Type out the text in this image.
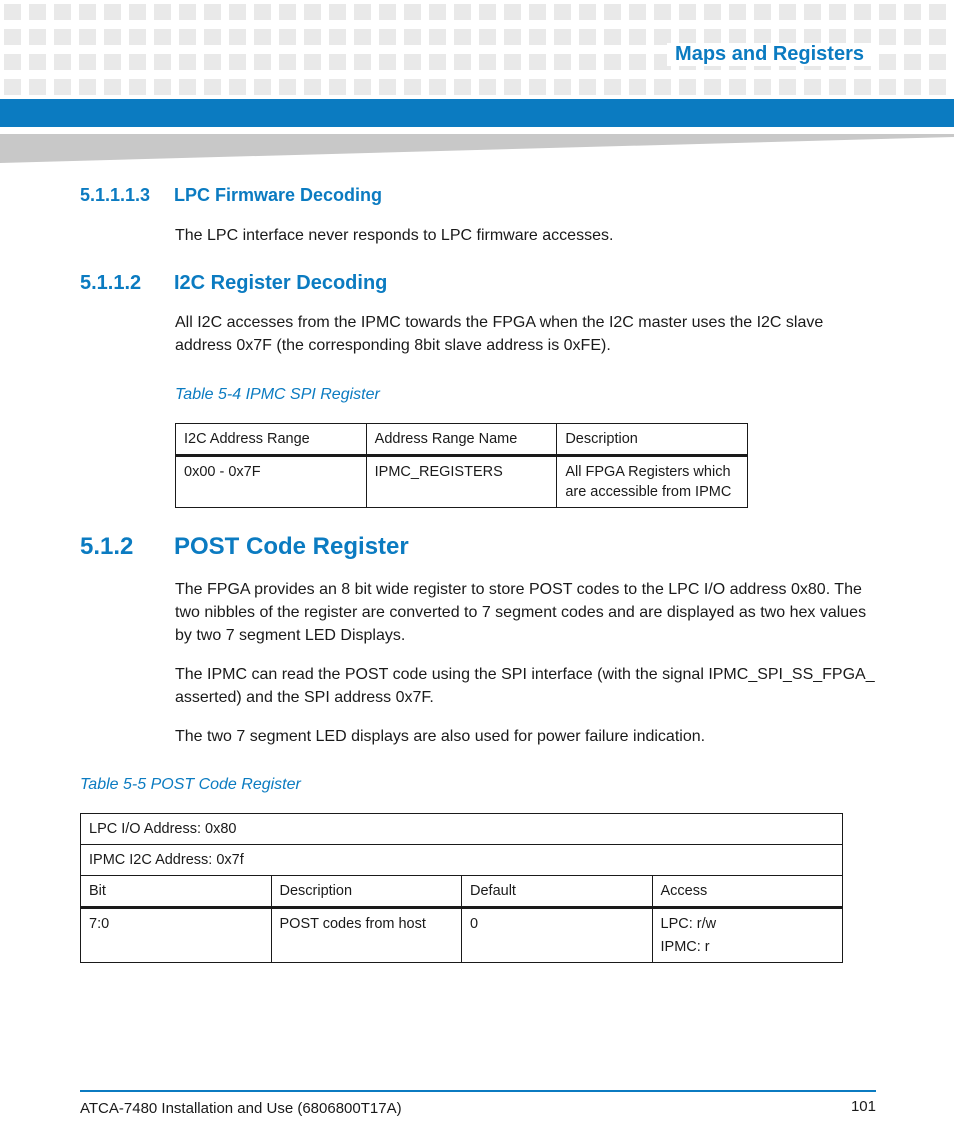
Maps and Registers
5.1.1.1.3 LPC Firmware Decoding
The LPC interface never responds to LPC firmware accesses.
5.1.1.2 I2C Register Decoding
All I2C accesses from the IPMC towards the FPGA when the I2C master uses the I2C slave address 0x7F (the corresponding 8bit slave address is 0xFE).
Table 5-4 IPMC SPI Register
I2C Address Range	Address Range Name	Description
0x00 - 0x7F	IPMC_REGISTERS	All FPGA Registers which are accessible from IPMC
5.1.2 POST Code Register
The FPGA provides an 8 bit wide register to store POST codes to the LPC I/O address 0x80. The two nibbles of the register are converted to 7 segment codes and are displayed as two hex values by two 7 segment LED Displays.
The IPMC can read the POST code using the SPI interface (with the signal IPMC_SPI_SS_FPGA_ asserted) and the SPI address 0x7F.
The two 7 segment LED displays are also used for power failure indication.
Table 5-5 POST Code Register
LPC I/O Address: 0x80			
IPMC I2C Address: 0x7f			
Bit	Description	Default	Access
7:0	POST codes from host	0	LPC: r/w
IPMC: r
ATCA-7480 Installation and Use (6806800T17A)	101
